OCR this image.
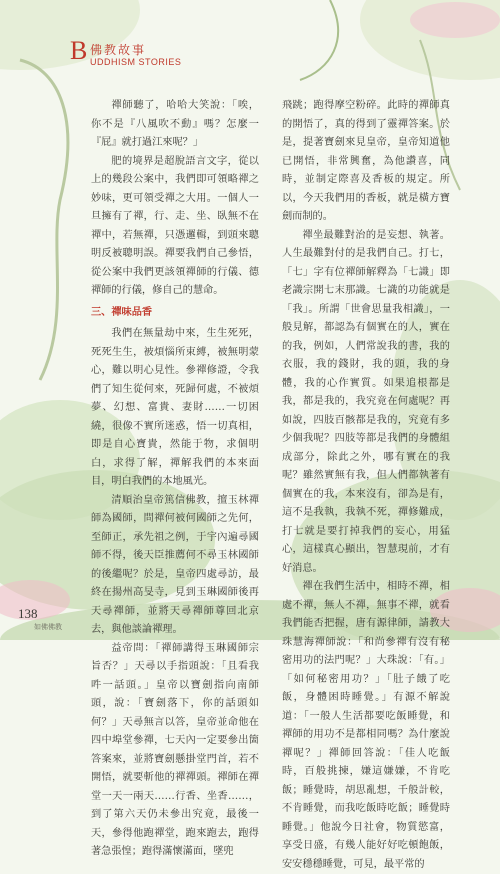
B 佛教故事
UDDHISM STORIES

禪師聽了，哈哈大笑說：「唉，你不是『八風吹不動』嗎？怎麼一『屁』就打過江來呢？」

肥的境界是超脫語言文字，從以上的幾段公案中，我們即可領略禪之妙味，更可領受禪之大用。一個人一旦擁有了禪，行、走、坐、臥無不在禪中，若無禪，只憑邏輯，到頭來聰明反被聰明誤。禪要我們自己參悟，從公案中我們更該領禪師的行儀、德禪師的行儀，修自己的慧命。

三、禪味品香

我們在無量劫中來，生生死死，死死生生，被煩惱所束縛，被無明蒙心，難以明心見性。參禪修證，令我們了知生從何來，死歸何處，不被煩夢、幻想、富貴、妻財……一切困繞，很像不實所迷惑，悟一切真相，即是自心寶貴，然能于物，求個明白，求得了解，禪解我們的本來面目，明白我們的本地風光。

清順治皇帝篤信佛教，擅玉林禪師為國師，問禪何被何國師之先何，至師正，承先祖之例，于宇內遍尋國師不得，後天臣推薦何不尋玉林國師的後繼呢？於是，皇帝四處尋訪，最終在揚州高旻寺，見到玉琳國師後再天尋禪師，並將天尋禪師尊回北京去，與他談論禪理。

益帝問：「禪師講得玉琳國師宗旨否？」天尋以手指頭說：「且看我吽一話頭。」皇帝以寶劍指向南師頭，說：「寶劍落下，你的話頭如何？」天尋無言以答，皇帝並命他在四中埠堂參禪，七天內一定要參出箇答案來，並將寶劍懸掛堂門首，若不開悟，就要斬他的禪禪頭。禪師在禪堂一天一兩天……行香、坐香……，到了第六天仍未參出究竟，最後一天，參得他跑禪堂，跑來跑去，跑得著急張惶；跑得滿懷滿面，墜兜

飛跳；跑得摩空粉碎。此時的禪師真的開悟了，真的得到了靈禪答案。於是，提著寶劍來見皇帝，皇帝知道他已開悟，非常興奮，為他讚喜，同時，並制定際喜及香板的規定。所以，今天我們用的香板，就是橫方寶劍而制的。

禪坐最難對治的是妄想、執著。人生最難對付的是我們自己。打七，「七」字有位禪師解釋為「七識」即老識宗開七末那識。七識的功能就是「我」。所謂「世會思量我相識」，一般見解，都認為有個實在的人，實在的我，例如，人們常說我的書，我的衣服，我的錢財，我的頭，我的身體，我的心作實質。如果追根都是我，都是我的，我究竟在何處呢？再如說，四肢百骸都是我的，究竟有多少個我呢？四肢等都是我們的身體組成部分，除此之外，哪有實在的我呢？雖然實無有我，但人們都執著有個實在的我，本來沒有，卻為是有，這不是我執，我執不死，禪修難成，打七就是要打掉我們的妄心，用猛心，這樣真心顯出，智慧現前，才有好消息。

禪在我們生活中，相時不禪，相處不禪，無人不禪，無事不禪，就看我們能否把握，唐有源律師，請教大珠慧海禪師說：「和尚參禪有沒有秘密用功的法門呢？」大珠說：「有。」「如何秘密用功？」「肚子餓了吃飯，身體困時睡覺。」有源不解說道：「一般人生活都要吃飯睡覺，和禪師的用功不是都相同嗎？為什麼說禪呢？」禪師回答說：「佳人吃飯時，百般挑揀，嫌這嫌嫌，不肯吃飯；睡覺時，胡思亂想，千般計較，不肯睡覺，而我吃飯時吃飯；睡覺時睡覺。」他說今日社會，物質慾富，享受日盛，有幾人能好好吃頓飽飯，安安穩穩睡覺，可見，最平常的

138
如佛佛教
